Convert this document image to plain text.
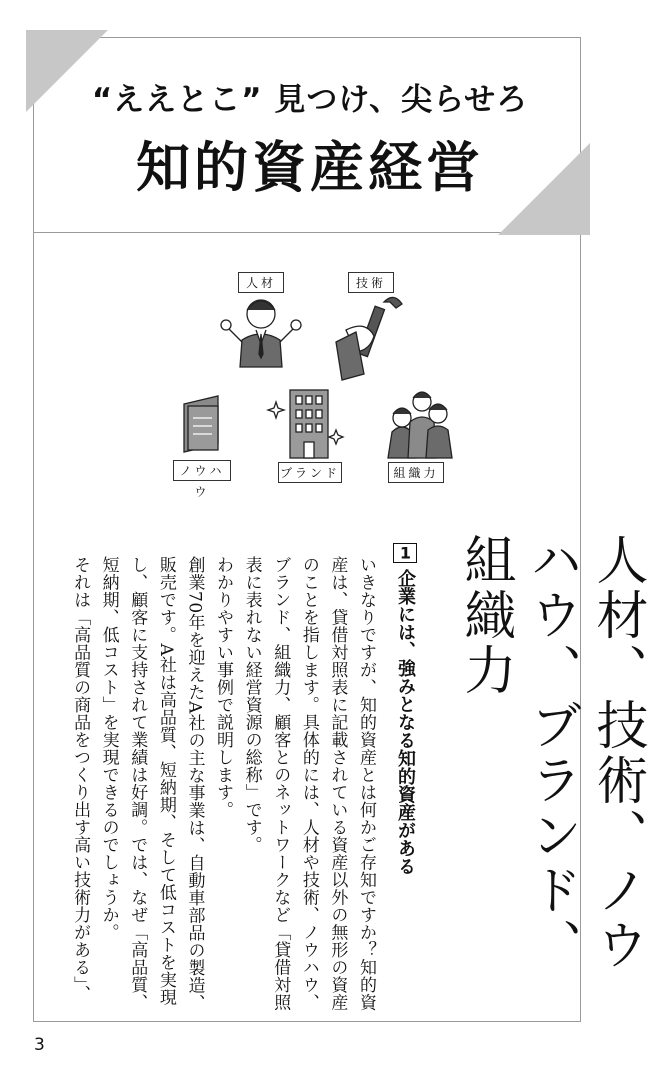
“ええとこ” 見つけ、尖らせろ
知的資産経営
人材	技術
ノウハウ
ブランド	組織力
人材、技術、ノウハウ、ブランド、組織力
1企業には、強みとなる知的資産がある

いきなりですが、知的資産とは何かご存知ですか？知的資産は、貸借対照表に記載されている資産以外の無形の資産のことを指します。具体的には、人材や技術、ノウハウ、ブランド、組織力、顧客とのネットワークなど「貸借対照表に表れない経営資源の総称」です。

わかりやすい事例で説明します。

創業70年を迎えたA社の主な事業は、自動車部品の製造、販売です。A社は高品質、短納期、そして低コストを実現し、顧客に支持されて業績は好調。では、なぜ「高品質、短納期、低コスト」を実現できるのでしょうか。

それは「高品質の商品をつくり出す高い技術力がある」、

3
